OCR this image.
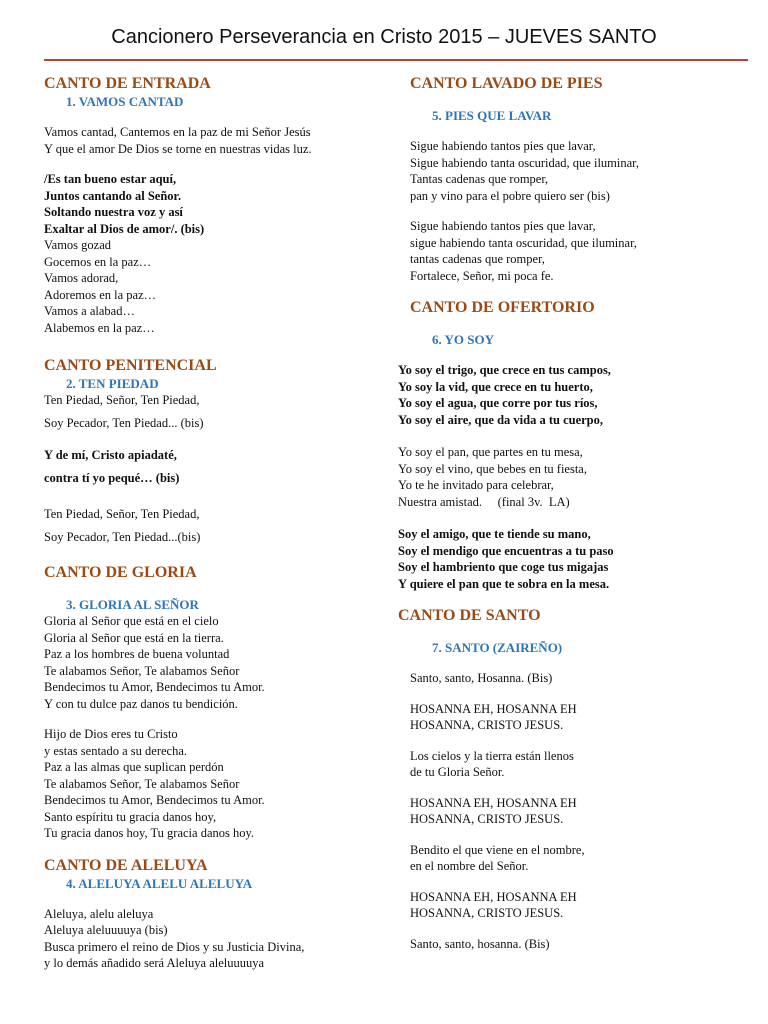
Cancionero Perseverancia en Cristo 2015 – JUEVES SANTO
CANTO DE ENTRADA
1. VAMOS CANTAD
Vamos cantad, Cantemos en la paz de mi Señor Jesús
Y que el amor De Dios se torne en nuestras vidas luz.
/Es tan bueno estar aquí,
Juntos cantando al Señor.
Soltando nuestra voz y así
Exaltar al Dios de amor/. (bis)
Vamos gozad
Gocemos en la paz…
Vamos adorad,
Adoremos en la paz…
Vamos a alabad…
Alabemos en la paz…
CANTO PENITENCIAL
2. TEN PIEDAD
Ten Piedad, Señor, Ten Piedad,
Soy Pecador, Ten Piedad... (bis)
Y de mí, Cristo apiadaté,
contra tí yo pequé… (bis)
Ten Piedad, Señor, Ten Piedad,
Soy Pecador, Ten Piedad...(bis)
CANTO DE GLORIA
3. GLORIA AL SEÑOR
Gloria al Señor que está en el cielo
Gloria al Señor que está en la tierra.
Paz a los hombres de buena voluntad
Te alabamos Señor, Te alabamos Señor
Bendecimos tu Amor, Bendecimos tu Amor.
Y con tu dulce paz danos tu bendición.
Hijo de Dios eres tu Cristo
y estas sentado a su derecha.
Paz a las almas que suplican perdón
Te alabamos Señor, Te alabamos Señor
Bendecimos tu Amor, Bendecimos tu Amor.
Santo espíritu tu gracia danos hoy,
Tu gracia danos hoy, Tu gracia danos hoy.
CANTO DE ALELUYA
4. ALELUYA ALELU ALELUYA
Aleluya, alelu aleluya
Aleluya aleluuuuya (bis)
Busca primero el reino de Dios y su Justicia Divina,
y lo demás añadido será Aleluya aleluuuuya
CANTO LAVADO DE PIES
5. PIES QUE LAVAR
Sigue habiendo tantos pies que lavar,
Sigue habiendo tanta oscuridad, que iluminar,
Tantas cadenas que romper,
pan y vino para el pobre quiero ser (bis)
Sigue habiendo tantos pies que lavar,
sigue habiendo tanta oscuridad, que iluminar,
tantas cadenas que romper,
Fortalece, Señor, mi poca fe.
CANTO DE OFERTORIO
6. YO SOY
Yo soy el trigo, que crece en tus campos,
Yo soy la vid, que crece en tu huerto,
Yo soy el agua, que corre por tus ríos,
Yo soy el aire, que da vida a tu cuerpo,
Yo soy el pan, que partes en tu mesa,
Yo soy el vino, que bebes en tu fiesta,
Yo te he invitado para celebrar,
Nuestra amistad.     (final 3v.  LA)
Soy el amigo, que te tiende su mano,
Soy el mendigo que encuentras a tu paso
Soy el hambriento que coge tus migajas
Y quiere el pan que te sobra en la mesa.
CANTO DE SANTO
7. SANTO (ZAIREÑO)
Santo, santo, Hosanna. (Bis)
HOSANNA EH, HOSANNA EH
HOSANNA, CRISTO JESUS.
Los cielos y la tierra están llenos
de tu Gloria Señor.
HOSANNA EH, HOSANNA EH
HOSANNA, CRISTO JESUS.
Bendito el que viene en el nombre,
en el nombre del Señor.
HOSANNA EH, HOSANNA EH
HOSANNA, CRISTO JESUS.
Santo, santo, hosanna. (Bis)
